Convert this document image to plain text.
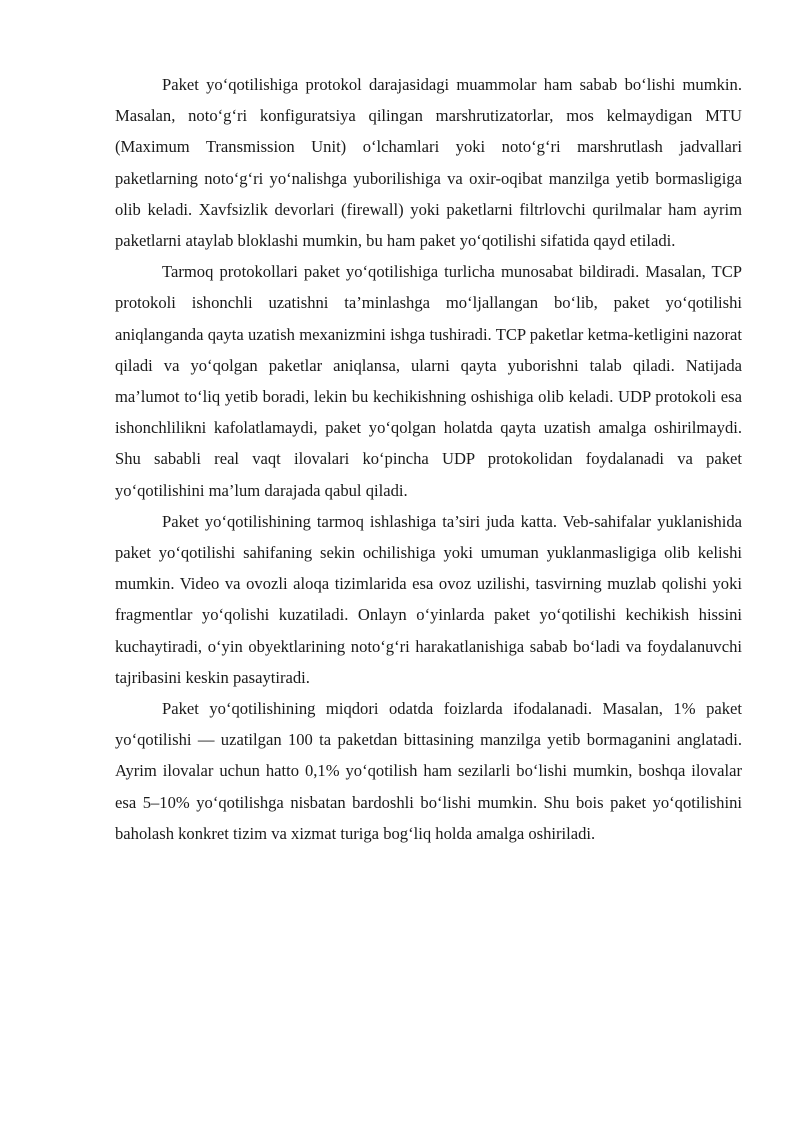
Paket yo‘qotilishiga protokol darajasidagi muammolar ham sabab bo‘lishi mumkin. Masalan, noto‘g‘ri konfiguratsiya qilingan marshrutizatorlar, mos kelmaydigan MTU (Maximum Transmission Unit) o‘lchamlari yoki noto‘g‘ri marshrutlash jadvallari paketlarning noto‘g‘ri yo‘nalishga yuborilishiga va oxir-oqibat manzilga yetib bormasligiga olib keladi. Xavfsizlik devorlari (firewall) yoki paketlarni filtrlovchi qurilmalar ham ayrim paketlarni ataylab bloklashi mumkin, bu ham paket yo‘qotilishi sifatida qayd etiladi.

Tarmoq protokollari paket yo‘qotilishiga turlicha munosabat bildiradi. Masalan, TCP protokoli ishonchli uzatishni ta’minlashga mo‘ljallangan bo‘lib, paket yo‘qotilishi aniqlanganda qayta uzatish mexanizmini ishga tushiradi. TCP paketlar ketma-ketligini nazorat qiladi va yo‘qolgan paketlar aniqlansa, ularni qayta yuborishni talab qiladi. Natijada ma’lumot to‘liq yetib boradi, lekin bu kechikishning oshishiga olib keladi. UDP protokoli esa ishonchlilikni kafolatlamaydi, paket yo‘qolgan holatda qayta uzatish amalga oshirilmaydi. Shu sababli real vaqt ilovalari ko‘pincha UDP protokolidan foydalanadi va paket yo‘qotilishini ma’lum darajada qabul qiladi.

Paket yo‘qotilishining tarmoq ishlashiga ta’siri juda katta. Veb-sahifalar yuklanishida paket yo‘qotilishi sahifaning sekin ochilishiga yoki umuman yuklanmasligiga olib kelishi mumkin. Video va ovozli aloqa tizimlarida esa ovoz uzilishi, tasvirning muzlab qolishi yoki fragmentlar yo‘qolishi kuzatiladi. Onlayn o‘yinlarda paket yo‘qotilishi kechikish hissini kuchaytiradi, o‘yin obyektlarining noto‘g‘ri harakatlanishiga sabab bo‘ladi va foydalanuvchi tajribasini keskin pasaytiradi.

Paket yo‘qotilishining miqdori odatda foizlarda ifodalanadi. Masalan, 1% paket yo‘qotilishi — uzatilgan 100 ta paketdan bittasining manzilga yetib bormaganini anglatadi. Ayrim ilovalar uchun hatto 0,1% yo‘qotilish ham sezilarli bo‘lishi mumkin, boshqa ilovalar esa 5–10% yo‘qotilishga nisbatan bardoshli bo‘lishi mumkin. Shu bois paket yo‘qotilishini baholash konkret tizim va xizmat turiga bog‘liq holda amalga oshiriladi.
